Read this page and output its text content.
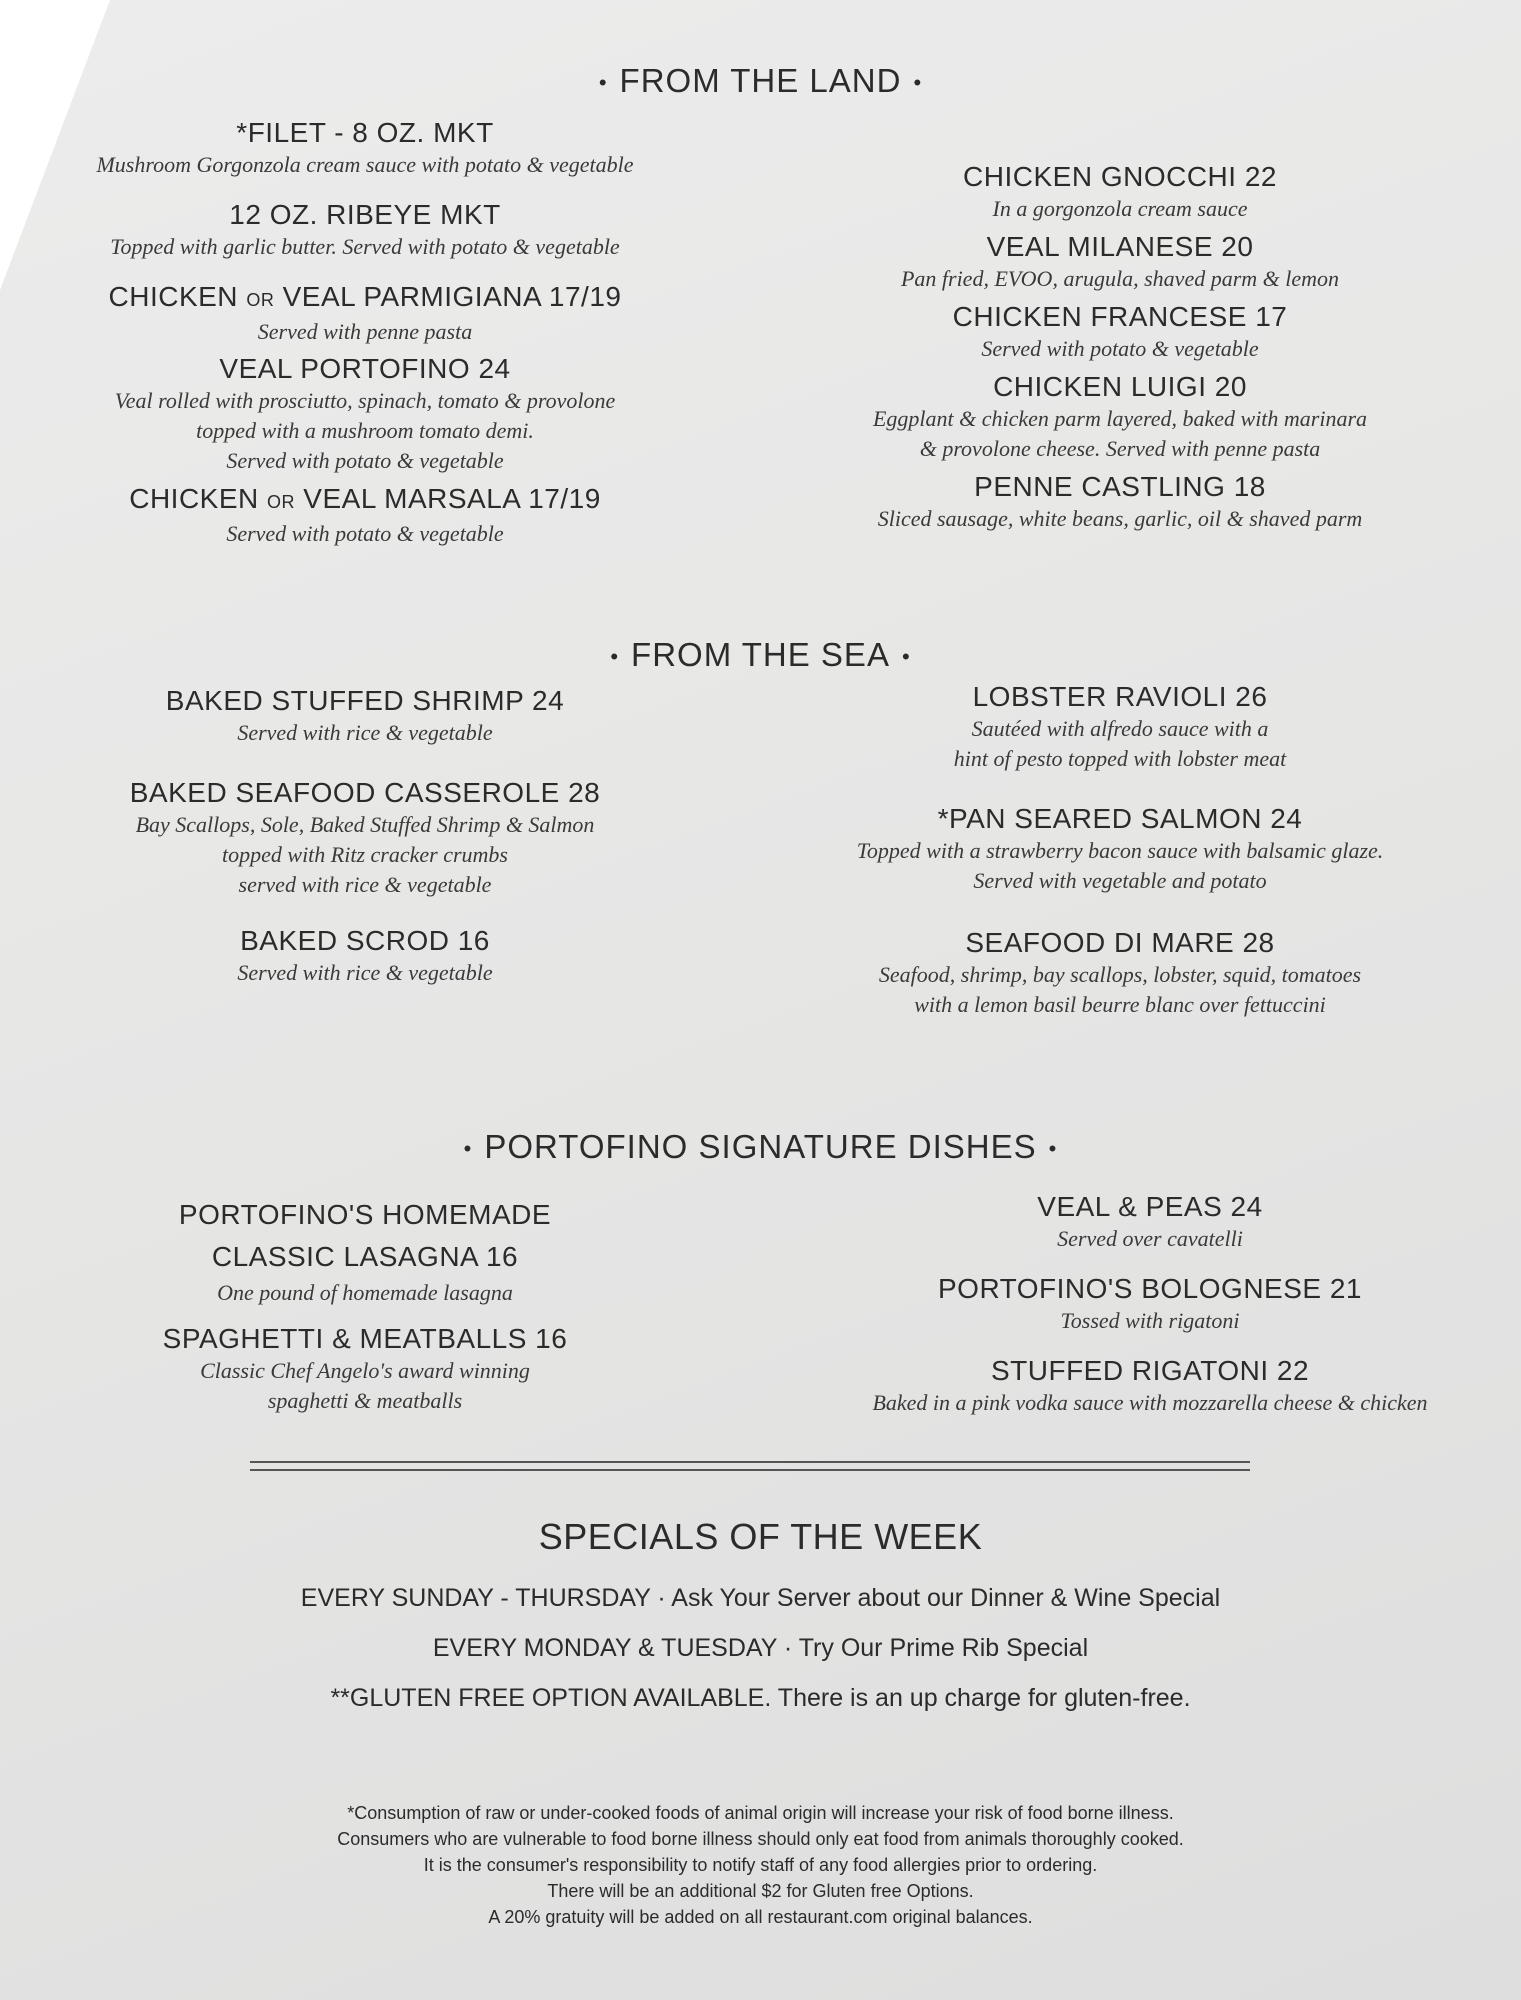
• FROM THE LAND •
*FILET - 8 OZ. MKT
Mushroom Gorgonzola cream sauce with potato & vegetable
12 OZ. RIBEYE MKT
Topped with garlic butter. Served with potato & vegetable
CHICKEN OR VEAL PARMIGIANA 17/19
Served with penne pasta
VEAL PORTOFINO 24
Veal rolled with prosciutto, spinach, tomato & provolone
topped with a mushroom tomato demi.
Served with potato & vegetable
CHICKEN OR VEAL MARSALA 17/19
Served with potato & vegetable
CHICKEN GNOCCHI 22
In a gorgonzola cream sauce
VEAL MILANESE 20
Pan fried, EVOO, arugula, shaved parm & lemon
CHICKEN FRANCESE 17
Served with potato & vegetable
CHICKEN LUIGI 20
Eggplant & chicken parm layered, baked with marinara
& provolone cheese. Served with penne pasta
PENNE CASTLING 18
Sliced sausage, white beans, garlic, oil & shaved parm
• FROM THE SEA •
BAKED STUFFED SHRIMP 24
Served with rice & vegetable
BAKED SEAFOOD CASSEROLE 28
Bay Scallops, Sole, Baked Stuffed Shrimp & Salmon
topped with Ritz cracker crumbs
served with rice & vegetable
BAKED SCROD 16
Served with rice & vegetable
LOBSTER RAVIOLI 26
Sautéed with alfredo sauce with a
hint of pesto topped with lobster meat
*PAN SEARED SALMON 24
Topped with a strawberry bacon sauce with balsamic glaze.
Served with vegetable and potato
SEAFOOD DI MARE 28
Seafood, shrimp, bay scallops, lobster, squid, tomatoes
with a lemon basil beurre blanc over fettuccini
• PORTOFINO SIGNATURE DISHES •
PORTOFINO'S HOMEMADE
CLASSIC LASAGNA 16
One pound of homemade lasagna
SPAGHETTI & MEATBALLS 16
Classic Chef Angelo's award winning
spaghetti & meatballs
VEAL & PEAS 24
Served over cavatelli
PORTOFINO'S BOLOGNESE 21
Tossed with rigatoni
STUFFED RIGATONI 22
Baked in a pink vodka sauce with mozzarella cheese & chicken
SPECIALS OF THE WEEK
EVERY SUNDAY - THURSDAY · Ask Your Server about our Dinner & Wine Special
EVERY MONDAY & TUESDAY · Try Our Prime Rib Special
**GLUTEN FREE OPTION AVAILABLE. There is an up charge for gluten-free.
*Consumption of raw or under-cooked foods of animal origin will increase your risk of food borne illness.
Consumers who are vulnerable to food borne illness should only eat food from animals thoroughly cooked.
It is the consumer's responsibility to notify staff of any food allergies prior to ordering.
There will be an additional $2 for Gluten free Options.
A 20% gratuity will be added on all restaurant.com original balances.
